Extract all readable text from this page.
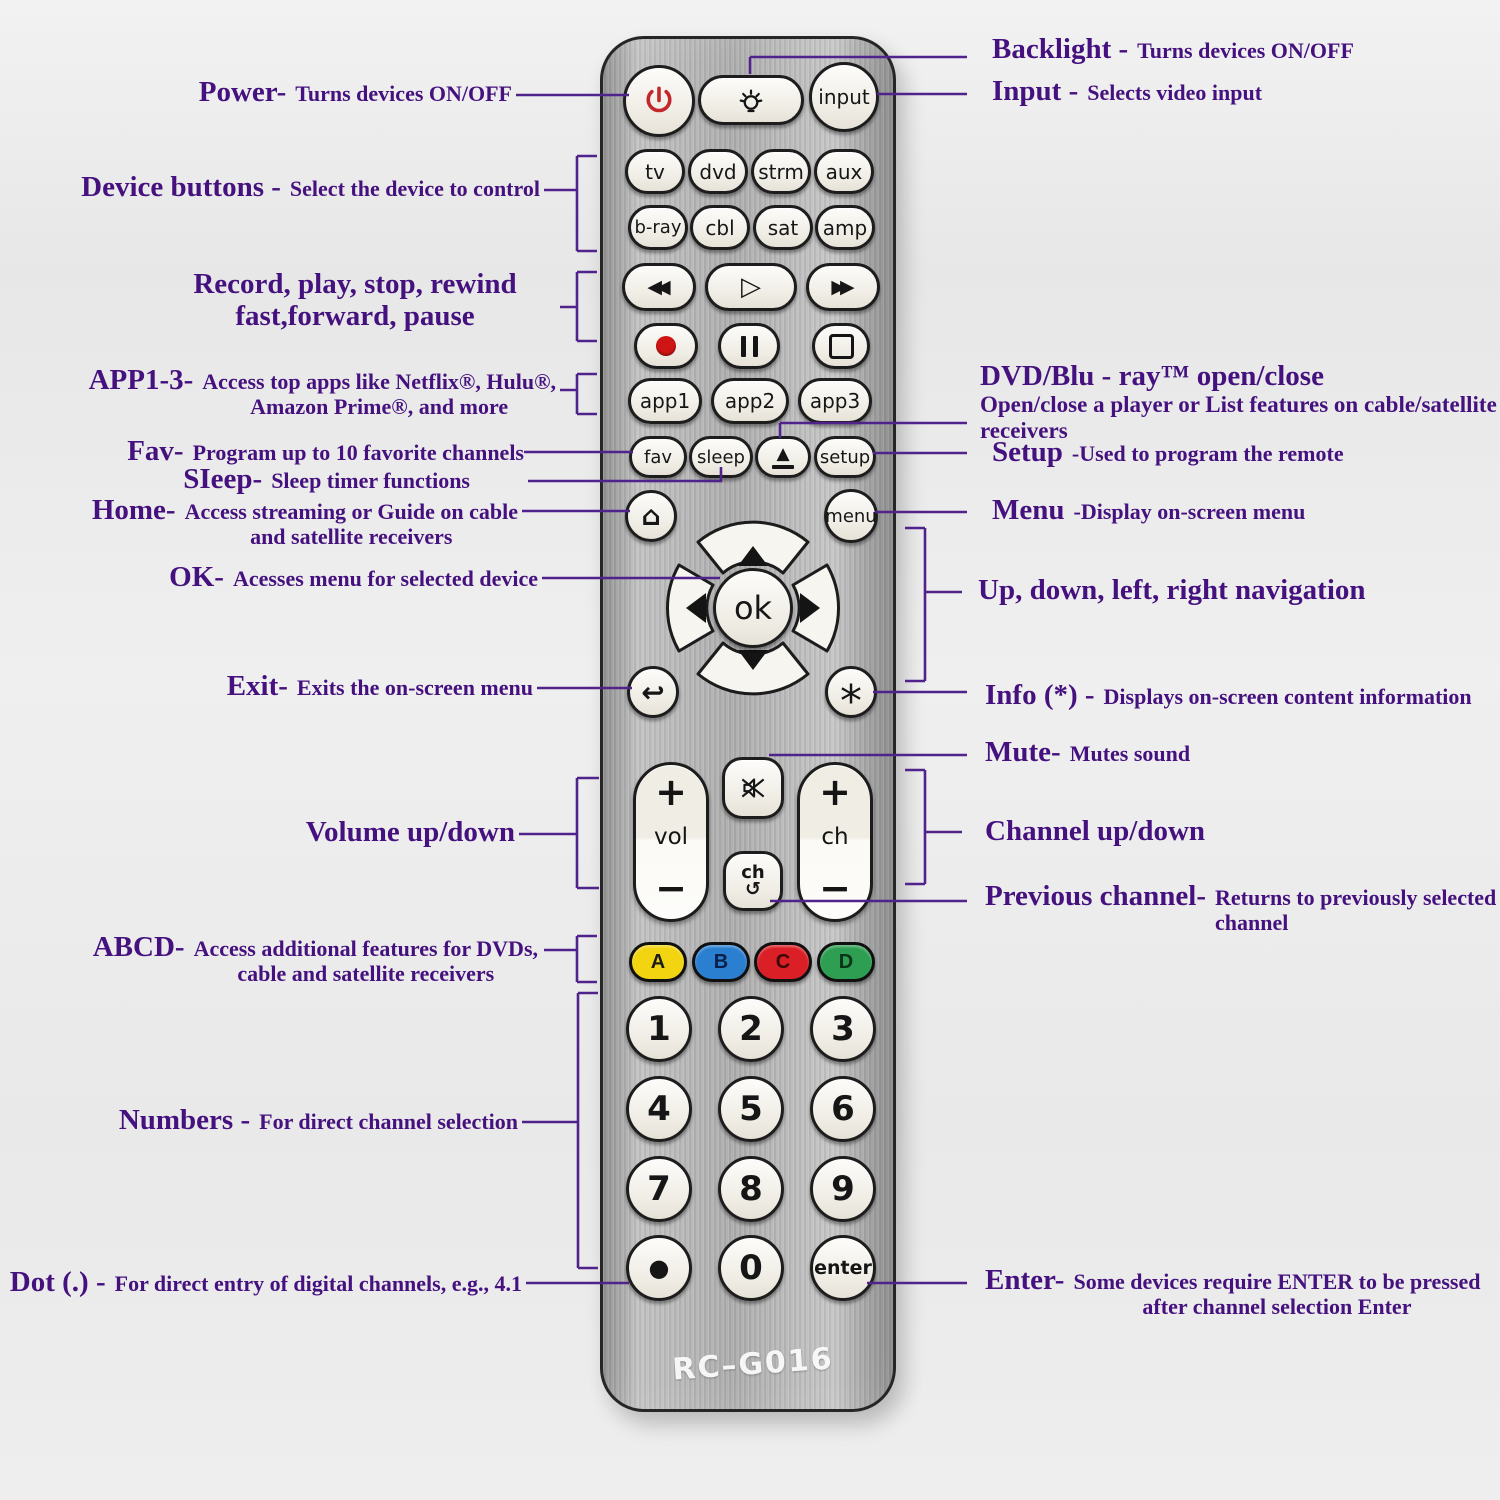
input
tv dvd strm aux
b-ray cbl sat amp
◀◀	▷	▶▶
app1 app2 app3
fav sleep ▲ setup
⌂	menu
ok
↩	*
+
vol
−
+
ch
−
ch
↺
A B C D
1 2 3
4 5 6
7 8 9
● 0	enter
RC–G016
Power- Turns devices ON/OFF
Device buttons - Select the device to control
Record, play, stop, rewind
fast,forward, pause
APP1-3- Access top apps like Netflix®, Hulu®,
Amazon Prime®, and more
Fav- Program up to 10 favorite channels
SIeep- Sleep timer functions
Home- Access streaming or Guide on cable
and satellite receivers
OK- Acesses menu for selected device
Exit- Exits the on-screen menu
Volume up/down
ABCD- Access additional features for DVDs,
cable and satellite receivers
Numbers - For direct channel selection
Dot (.) - For direct entry of digital channels, e.g., 4.1
Backlight - Turns devices ON/OFF
Input - Selects video input
DVD/Blu - ray™ open/close
Open/close a player or List features on cable/satellite
receivers
Setup -Used to program the remote
Menu -Display on-screen menu
Up, down, left, right navigation
Info (*) - Displays on-screen content information
Mute- Mutes sound
Channel up/down
Previous channel- Returns to previously selected
channel
Enter- Some devices require ENTER to be pressed
after channel selection Enter
